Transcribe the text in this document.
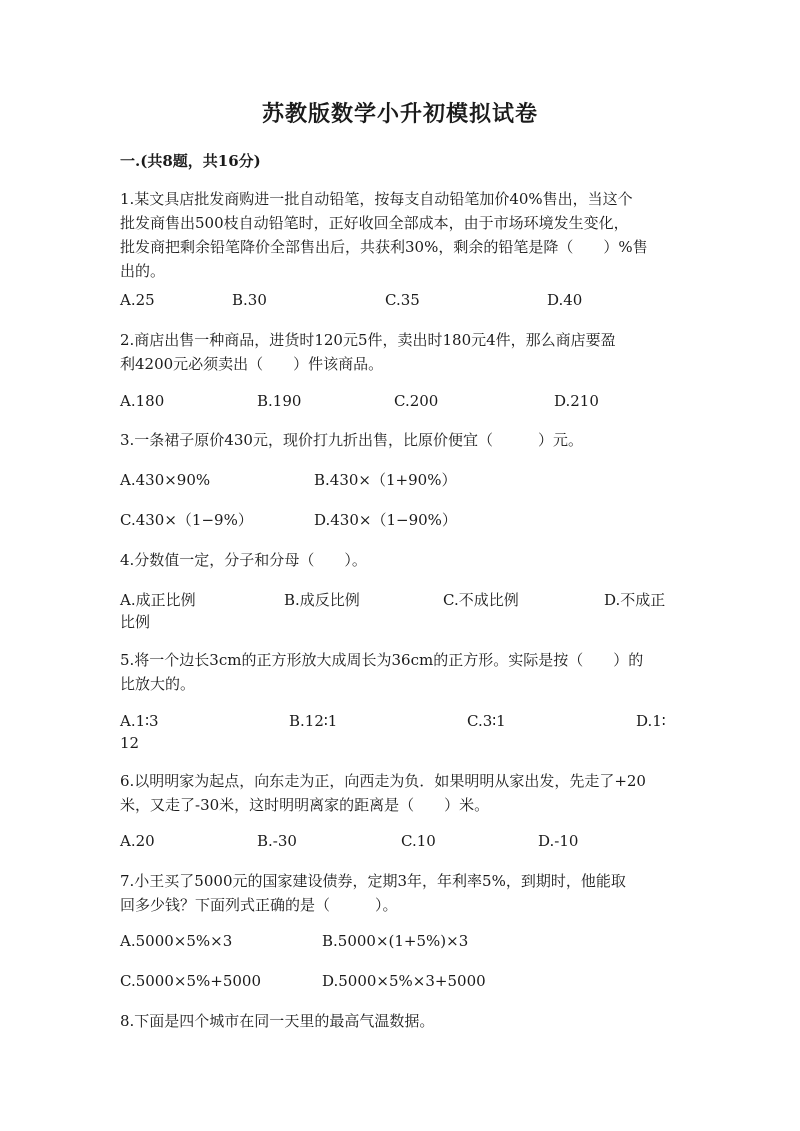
苏教版数学小升初模拟试卷
一.(共8题，共16分)
1.某文具店批发商购进一批自动铅笔，按每支自动铅笔加价40%售出，当这个
批发商售出500枝自动铅笔时，正好收回全部成本，由于市场环境发生变化，
批发商把剩余铅笔降价全部售出后，共获利30%，剩余的铅笔是降（　　）%售
出的。
A.25	B.30	C.35	D.40
2.商店出售一种商品，进货时120元5件，卖出时180元4件，那么商店要盈
利4200元必须卖出（　　）件该商品。
A.180	B.190	C.200	D.210
3.一条裙子原价430元，现价打九折出售，比原价便宜（　　　）元。
A.430×90%	B.430×（1+90%）
C.430×（1−9%）	D.430×（1−90%）
4.分数值一定，分子和分母（　　）。
A.成正比例	B.成反比例	C.不成比例	D.不成正
比例
5.将一个边长3cm的正方形放大成周长为36cm的正方形。实际是按（　　）的
比放大的。
A.1∶3	B.12∶1	C.3∶1	D.1∶
12
6.以明明家为起点，向东走为正，向西走为负．如果明明从家出发，先走了+20
米，又走了-30米，这时明明离家的距离是（　　）米。
A.20	B.-30	C.10	D.-10
7.小王买了5000元的国家建设债券，定期3年，年利率5%，到期时，他能取
回多少钱？下面列式正确的是（　　　）。
A.5000×5%×3	B.5000×(1+5%)×3
C.5000×5%+5000	D.5000×5%×3+5000
8.下面是四个城市在同一天里的最高气温数据。
